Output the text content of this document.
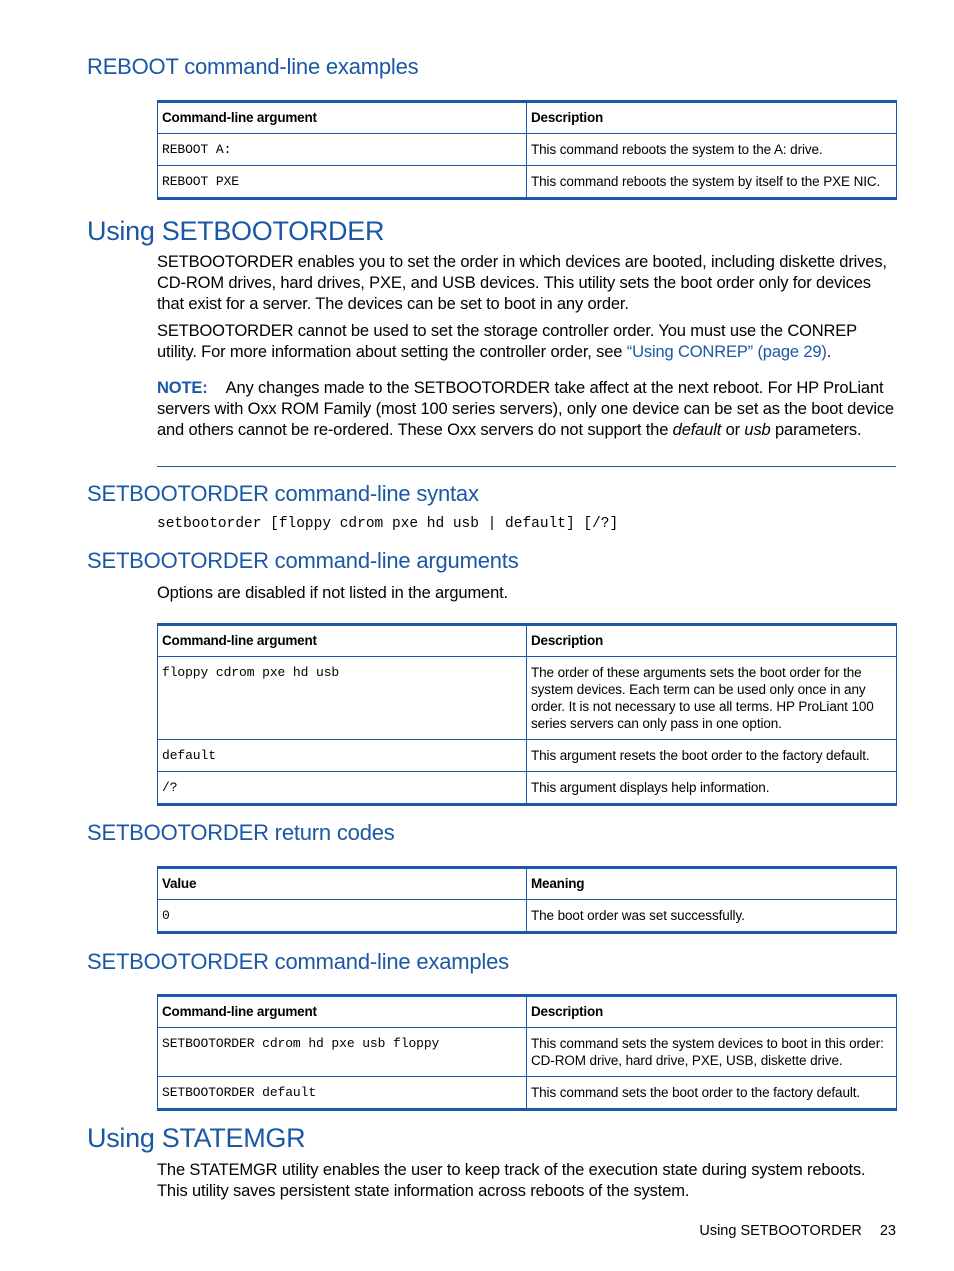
REBOOT command-line examples
Command-line argument	Description
REBOOT A:	This command reboots the system to the A: drive.
REBOOT PXE	This command reboots the system by itself to the PXE NIC.
Using SETBOOTORDER

SETBOOTORDER enables you to set the order in which devices are booted, including diskette drives, CD-ROM drives, hard drives, PXE, and USB devices. This utility sets the boot order only for devices that exist for a server. The devices can be set to boot in any order.

SETBOOTORDER cannot be used to set the storage controller order. You must use the CONREP utility. For more information about setting the controller order, see “Using CONREP” (page 29).

NOTE: Any changes made to the SETBOOTORDER take affect at the next reboot. For HP ProLiant servers with Oxx ROM Family (most 100 series servers), only one device can be set as the boot device and others cannot be re-ordered. These Oxx servers do not support the default or usb parameters.

SETBOOTORDER command-line syntax
setbootorder [floppy cdrom pxe hd usb | default] [/?]
SETBOOTORDER command-line arguments

Options are disabled if not listed in the argument.

Command-line argument	Description
floppy cdrom pxe hd usb	The order of these arguments sets the boot order for the system devices. Each term can be used only once in any order. It is not necessary to use all terms. HP ProLiant 100 series servers can only pass in one option.
default	This argument resets the boot order to the factory default.
/?	This argument displays help information.
SETBOOTORDER return codes
Value	Meaning
0	The boot order was set successfully.
SETBOOTORDER command-line examples
Command-line argument	Description
SETBOOTORDER cdrom hd pxe usb floppy	This command sets the system devices to boot in this order: CD-ROM drive, hard drive, PXE, USB, diskette drive.
SETBOOTORDER default	This command sets the boot order to the factory default.
Using STATEMGR

The STATEMGR utility enables the user to keep track of the execution state during system reboots. This utility saves persistent state information across reboots of the system.

Using SETBOOTORDER 23
